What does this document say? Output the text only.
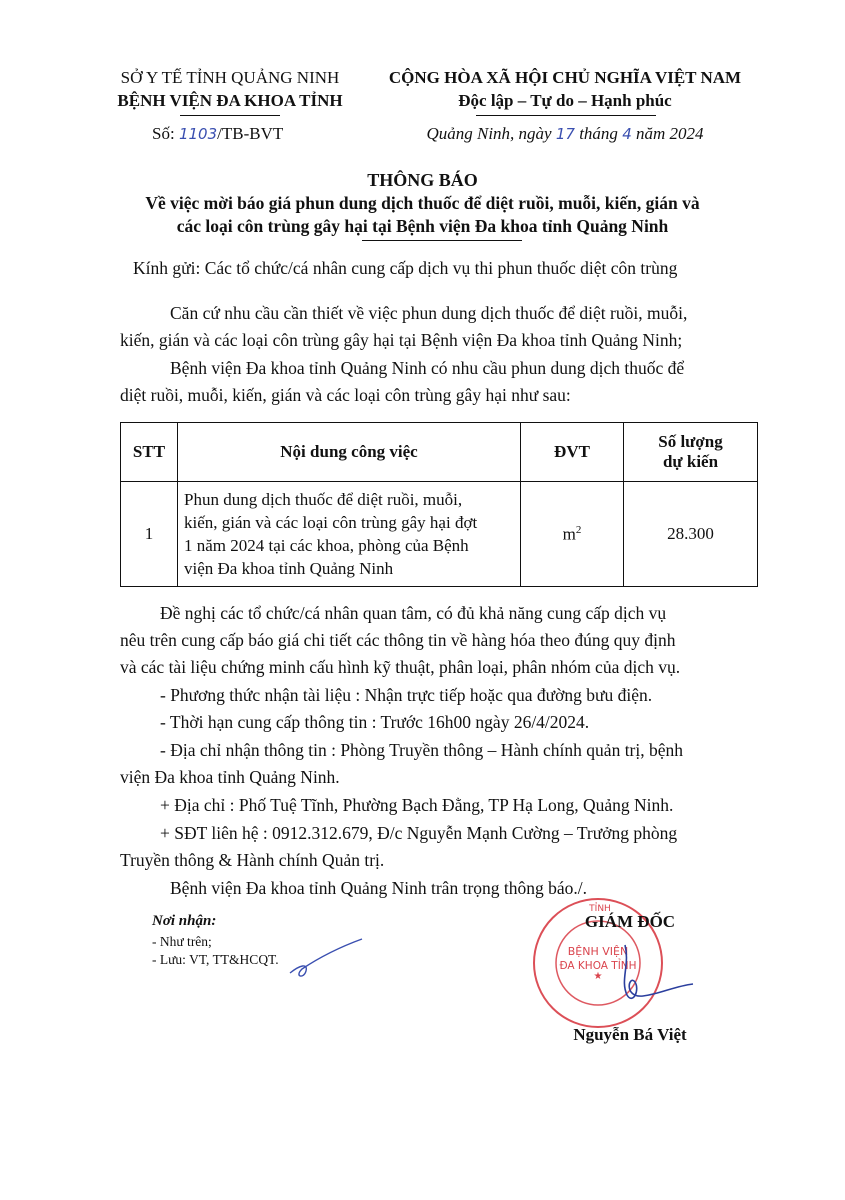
SỞ Y TẾ TỈNH QUẢNG NINH
BỆNH VIỆN ĐA KHOA TỈNH
Số: 1103/TB-BVT
CỘNG HÒA XÃ HỘI CHỦ NGHĨA VIỆT NAM
Độc lập – Tự do – Hạnh phúc
Quảng Ninh, ngày 17 tháng 4 năm 2024
THÔNG BÁO
Về việc mời báo giá phun dung dịch thuốc để diệt ruồi, muỗi, kiến, gián và
các loại côn trùng gây hại tại Bệnh viện Đa khoa tỉnh Quảng Ninh
Kính gửi: Các tổ chức/cá nhân cung cấp dịch vụ thi phun thuốc diệt côn trùng
Căn cứ nhu cầu cần thiết về việc phun dung dịch thuốc để diệt ruồi, muỗi,
kiến, gián và các loại côn trùng gây hại tại Bệnh viện Đa khoa tỉnh Quảng Ninh;
Bệnh viện Đa khoa tỉnh Quảng Ninh có nhu cầu phun dung dịch thuốc để
diệt ruồi, muỗi, kiến, gián và các loại côn trùng gây hại như sau:
STT	Nội dung công việc	ĐVT	Số lượng
dự kiến

1	Phun dung dịch thuốc để diệt ruồi, muỗi,
kiến, gián và các loại côn trùng gây hại đợt
1 năm 2024 tại các khoa, phòng của Bệnh
viện Đa khoa tỉnh Quảng Ninh	$m^2$	28.300
Đề nghị các tổ chức/cá nhân quan tâm, có đủ khả năng cung cấp dịch vụ
nêu trên cung cấp báo giá chi tiết các thông tin về hàng hóa theo đúng quy định
và các tài liệu chứng minh cấu hình kỹ thuật, phân loại, phân nhóm của dịch vụ.
- Phương thức nhận tài liệu : Nhận trực tiếp hoặc qua đường bưu điện.
- Thời hạn cung cấp thông tin : Trước 16h00 ngày 26/4/2024.
- Địa chỉ nhận thông tin : Phòng Truyền thông – Hành chính quản trị, bệnh
viện Đa khoa tỉnh Quảng Ninh.
+ Địa chỉ : Phố Tuệ Tĩnh, Phường Bạch Đằng, TP Hạ Long, Quảng Ninh.
+ SĐT liên hệ : 0912.312.679, Đ/c Nguyễn Mạnh Cường – Trưởng phòng
Truyền thông & Hành chính Quản trị.
Bệnh viện Đa khoa tỉnh Quảng Ninh trân trọng thông báo./.
Nơi nhận:
- Như trên;
- Lưu: VT, TT&HCQT.
GIÁM ĐỐC
★
BỆNH VIỆN
ĐA KHOA TỈNH
TỈNH
Nguyễn Bá Việt
